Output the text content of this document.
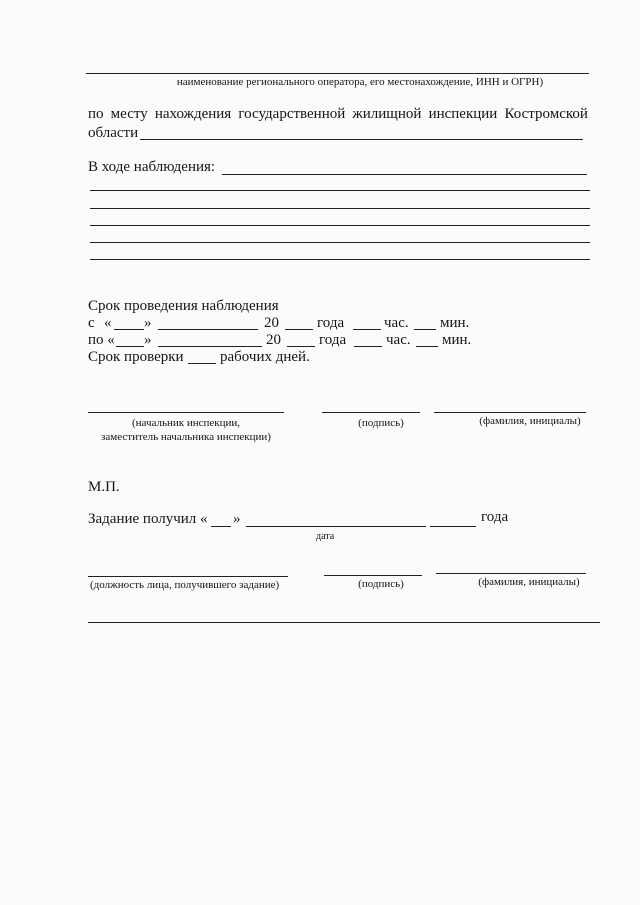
наименование регионального оператора, его местонахождение, ИНН и ОГРН)
по месту нахождения государственной жилищной инспекции Костромской
области
В ходе наблюдения:
Срок проведения наблюдения
с « »	20	года	час. мин.
по « »	20	года	час. мин.
Срок проверки рабочих дней.
(начальник инспекции,
заместитель начальника инспекции)
(подпись)	(фамилия, инициалы)
М.П.
Задание получил « »	года
дата
(должность лица, получившего задание)	(подпись)	(фамилия, инициалы)
